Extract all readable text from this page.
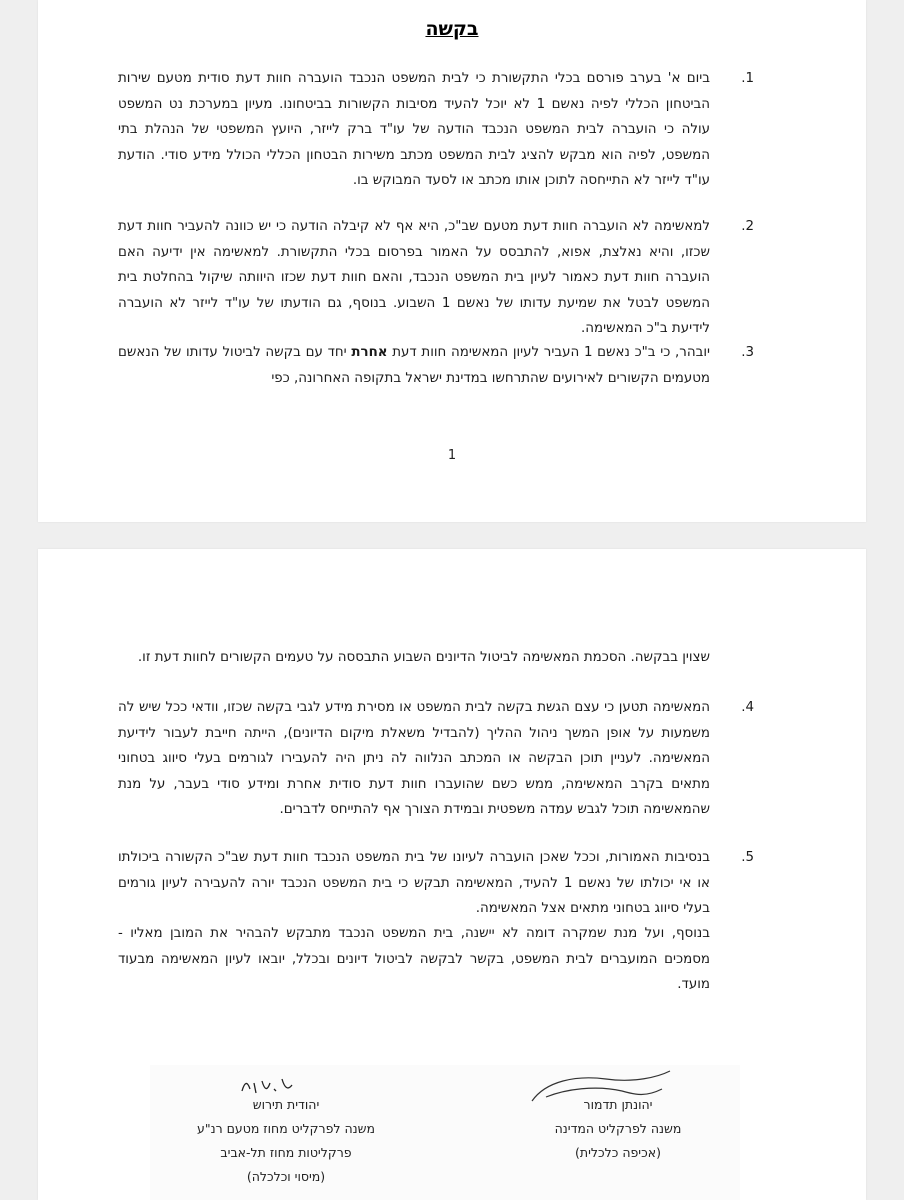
בקשה
.1
ביום א' בערב פורסם בכלי התקשורת כי לבית המשפט הנכבד הועברה חוות דעת סודית מטעם שירות הביטחון הכללי לפיה נאשם 1 לא יוכל להעיד מסיבות הקשורות בביטחונו. מעיון במערכת נט המשפט עולה כי הועברה לבית המשפט הנכבד הודעה של עו"ד ברק לייזר, היועץ המשפטי של הנהלת בתי המשפט, לפיה הוא מבקש להציג לבית המשפט מכתב משירות הבטחון הכללי הכולל מידע סודי. הודעת עו"ד לייזר לא התייחסה לתוכן אותו מכתב או לסעד המבוקש בו.
.2
למאשימה לא הועברה חוות דעת מטעם שב"כ, היא אף לא קיבלה הודעה כי יש כוונה להעביר חוות דעת שכזו, והיא נאלצת, אפוא, להתבסס על האמור בפרסום בכלי התקשורת. למאשימה אין ידיעה האם הועברה חוות דעת כאמור לעיון בית המשפט הנכבד, והאם חוות דעת שכזו היוותה שיקול בהחלטת בית המשפט לבטל את שמיעת עדותו של נאשם 1 השבוע. בנוסף, גם הודעתו של עו"ד לייזר לא הועברה לידיעת ב"כ המאשימה.
.3
יובהר, כי ב"כ נאשם 1 העביר לעיון המאשימה חוות דעת אחרת יחד עם בקשה לביטול עדותו של הנאשם מטעמים הקשורים לאירועים שהתרחשו במדינת ישראל בתקופה האחרונה, כפי
1
שצוין בבקשה. הסכמת המאשימה לביטול הדיונים השבוע התבססה על טעמים הקשורים לחוות דעת זו.
.4
המאשימה תטען כי עצם הגשת בקשה לבית המשפט או מסירת מידע לגבי בקשה שכזו, וודאי ככל שיש לה משמעות על אופן המשך ניהול ההליך (להבדיל משאלת מיקום הדיונים), הייתה חייבת לעבור לידיעת המאשימה. לעניין תוכן הבקשה או המכתב הנלווה לה ניתן היה להעבירו לגורמים בעלי סיווג בטחוני מתאים בקרב המאשימה, ממש כשם שהועברו חוות דעת סודית אחרת ומידע סודי בעבר, על מנת שהמאשימה תוכל לגבש עמדה משפטית ובמידת הצורך אף להתייחס לדברים.
.5
בנסיבות האמורות, וככל שאכן הועברה לעיונו של בית המשפט הנכבד חוות דעת שב"כ הקשורה ביכולתו או אי יכולתו של נאשם 1 להעיד, המאשימה תבקש כי בית המשפט הנכבד יורה להעבירה לעיון גורמים בעלי סיווג בטחוני מתאים אצל המאשימה.
בנוסף, ועל מנת שמקרה דומה לא יישנה, בית המשפט הנכבד מתבקש להבהיר את המובן מאליו - מסמכים המועברים לבית המשפט, בקשר לבקשה לביטול דיונים ובכלל, יובאו לעיון המאשימה מבעוד מועד.
יהודית תירוש
משנה לפרקליט מחוז מטעם רנ"ע
פרקליטות מחוז תל-אביב
(מיסוי וכלכלה)
יהונתן תדמור
משנה לפרקליט המדינה
(אכיפה כלכלית)
